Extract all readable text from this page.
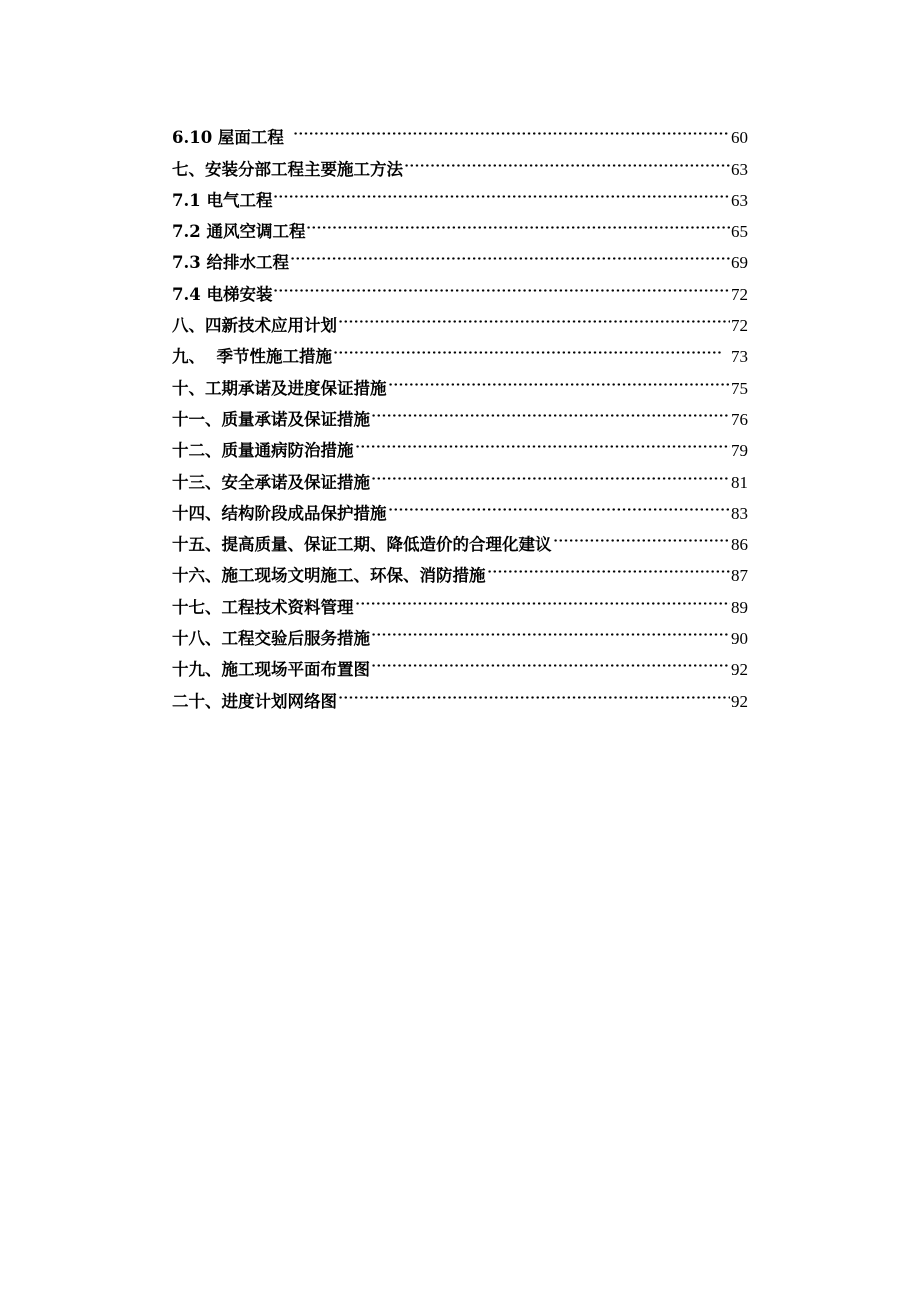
6.10 屋面工程	60
七、安装分部工程主要施工方法	63
7.1 电气工程	63
7.2 通风空调工程	65
7.3 给排水工程	69
7.4 电梯安装	72
八、四新技术应用计划	72
九、  季节性施工措施	73
十、工期承诺及进度保证措施	75
十一、质量承诺及保证措施	76
十二、质量通病防治措施	79
十三、安全承诺及保证措施	81
十四、结构阶段成品保护措施	83
十五、提高质量、保证工期、降低造价的合理化建议	86
十六、施工现场文明施工、环保、消防措施	87
十七、工程技术资料管理	89
十八、工程交验后服务措施	90
十九、施工现场平面布置图	92
二十、进度计划网络图	92
